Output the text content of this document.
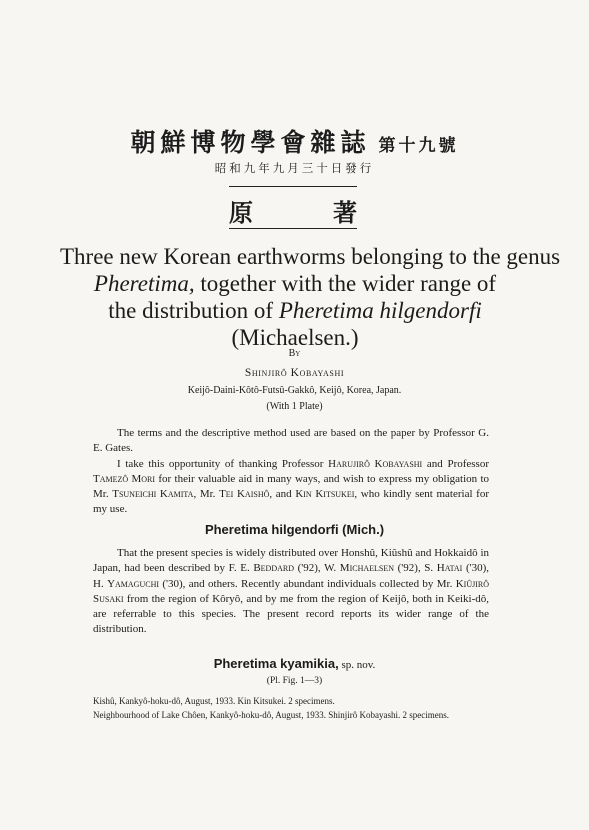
朝鮮博物學會雜誌 第十九號
昭和九年九月三十日發行
原	著
Three new Korean earthworms belonging to the genus
Pheretima, together with the wider range of
the distribution of Pheretima hilgendorfi
(Michaelsen.)
By
Shinjirô Kobayashi
Keijô-Daini-Kôtô-Futsû-Gakkô, Keijô, Korea, Japan.
(With 1 Plate)

The terms and the descriptive method used are based on the paper by Professor G. E. Gates.

I take this opportunity of thanking Professor Harujirô Kobayashi and Professor Tamezô Mori for their valuable aid in many ways, and wish to express my obligation to Mr. Tsuneichi Kamita, Mr. Tei Kaishô, and Kin Kitsukei, who kindly sent material for my use.

Pheretima hilgendorfi (Mich.)

That the present species is widely distributed over Honshû, Kiûshû and Hokkaidô in Japan, had been described by F. E. Beddard ('92), W. Michaelsen ('92), S. Hatai ('30), H. Yamaguchi ('30), and others. Recently abundant individuals collected by Mr. Kiûjirô Susaki from the region of Kôryô, and by me from the region of Keijô, both in Keiki-dô, are referrable to this species. The present record reports its wider range of the distribution.

Pheretima kyamikia, sp. nov.
(Pl. Fig. 1—3)

Kishû, Kankyô-hoku-dô, August, 1933. Kin Kitsukei. 2 specimens.

Neighbourhood of Lake Chôen, Kankyô-hoku-dô, August, 1933. Shinjirô Kobayashi. 2 specimens.
